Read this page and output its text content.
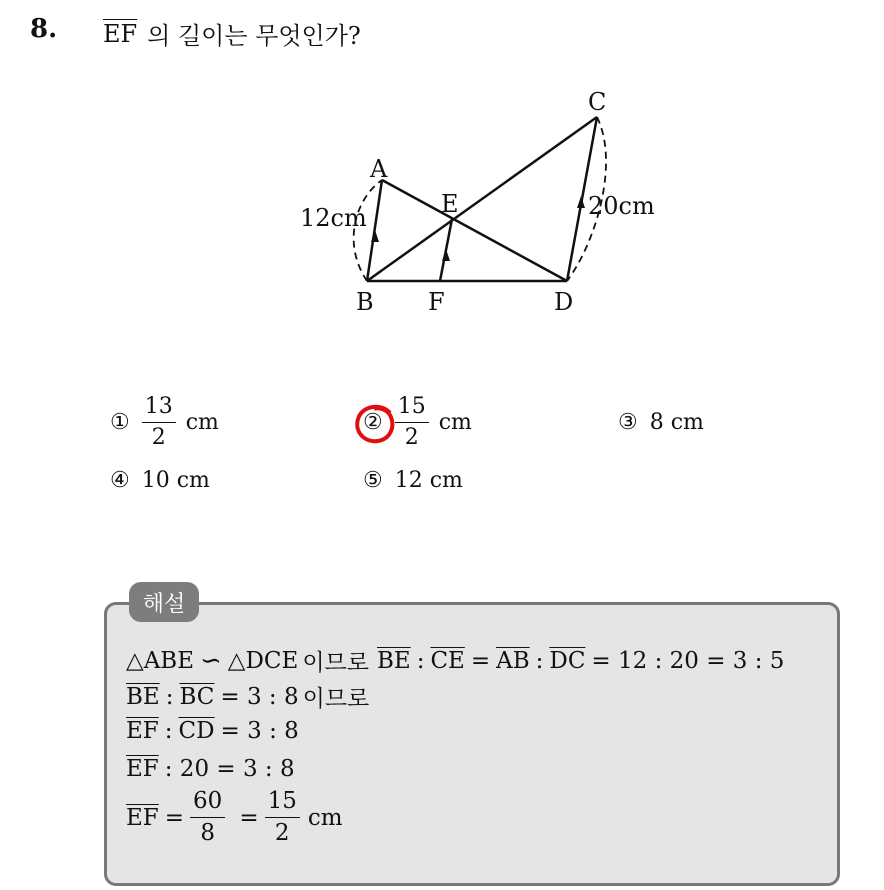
8. $\overline{EF}$ 의 길이는 무엇인가?
A
B
C
D
E
F
12cm	20cm
① $\frac{13}{2}$ cm	② $\frac{15}{2}$ cm	③ 8 cm
④ 10 cm	⑤ 12 cm
해설
△ABE ∽ △DCE 이므로 $\overline{BE}$ : $\overline{CE} = \overline{AB}$ : $\overline{DC} = 12$ : 20 = 3 : 5
$\overline{BE}$ : $\overline{BC} = 3$ : 8 이므로
$\overline{EF}$ : $\overline{CD} = 3$ : 8
$\overline{EF}$ : 20 = 3 : 8
$\overline{EF} = \frac{60}{8} = \frac{15}{2}$ cm
